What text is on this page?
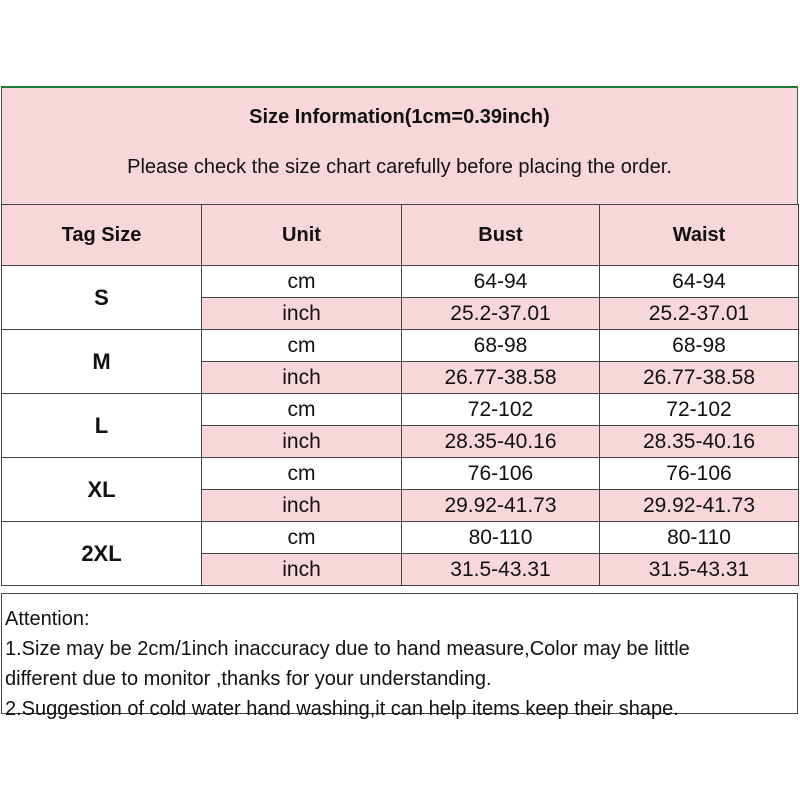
Size Information(1cm=0.39inch)
Please check the size chart carefully before placing the order.
Tag Size	Unit	Bust	Waist
S	cm	64-94	64-94
	inch	25.2-37.01	25.2-37.01
M	cm	68-98	68-98
	inch	26.77-38.58	26.77-38.58
L	cm	72-102	72-102
	inch	28.35-40.16	28.35-40.16
XL	cm	76-106	76-106
	inch	29.92-41.73	29.92-41.73
2XL	cm	80-110	80-110
	inch	31.5-43.31	31.5-43.31
Attention:
1.Size may be 2cm/1inch inaccuracy due to hand measure,Color may be little
different due to monitor ,thanks for your understanding.
2.Suggestion of cold water hand washing,it can help items keep their shape.
